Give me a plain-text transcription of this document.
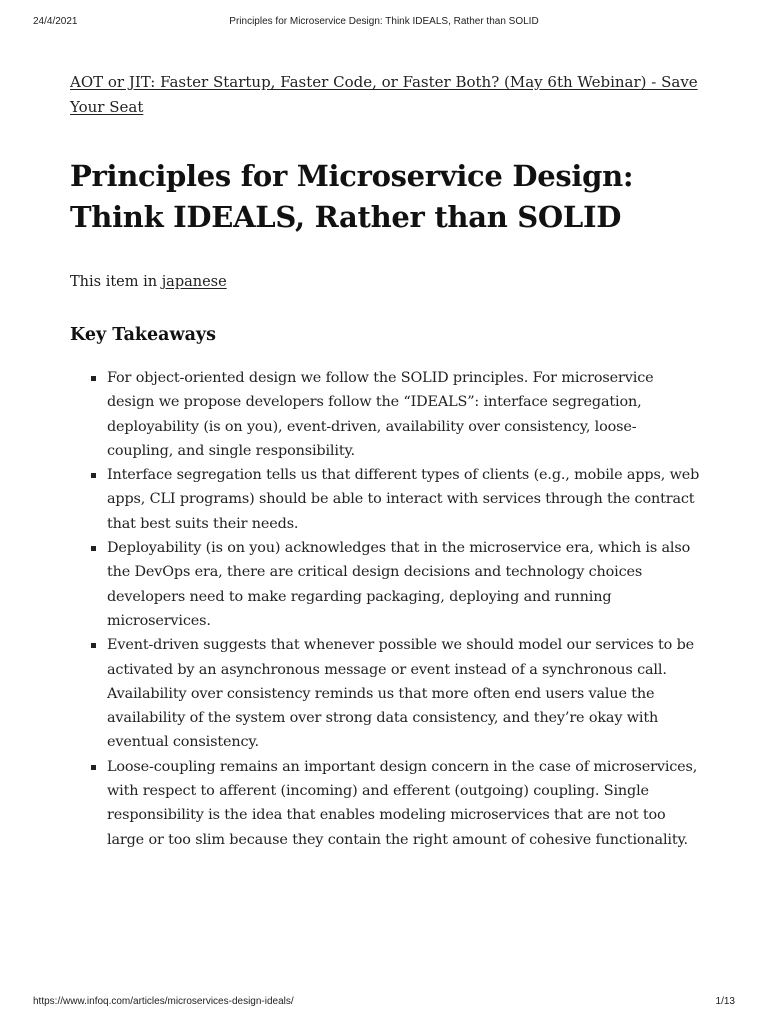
24/4/2021	Principles for Microservice Design: Think IDEALS, Rather than SOLID
AOT or JIT: Faster Startup, Faster Code, or Faster Both? (May 6th Webinar) - Save Your Seat
Principles for Microservice Design: Think IDEALS, Rather than SOLID
This item in japanese
Key Takeaways
For object-oriented design we follow the SOLID principles. For microservice design we propose developers follow the “IDEALS”: interface segregation, deployability (is on you), event-driven, availability over consistency, loose-coupling, and single responsibility.
Interface segregation tells us that different types of clients (e.g., mobile apps, web apps, CLI programs) should be able to interact with services through the contract that best suits their needs.
Deployability (is on you) acknowledges that in the microservice era, which is also the DevOps era, there are critical design decisions and technology choices developers need to make regarding packaging, deploying and running microservices.
Event-driven suggests that whenever possible we should model our services to be activated by an asynchronous message or event instead of a synchronous call. Availability over consistency reminds us that more often end users value the availability of the system over strong data consistency, and they’re okay with eventual consistency.
Loose-coupling remains an important design concern in the case of microservices, with respect to afferent (incoming) and efferent (outgoing) coupling. Single responsibility is the idea that enables modeling microservices that are not too large or too slim because they contain the right amount of cohesive functionality.
https://www.infoq.com/articles/microservices-design-ideals/	1/13
